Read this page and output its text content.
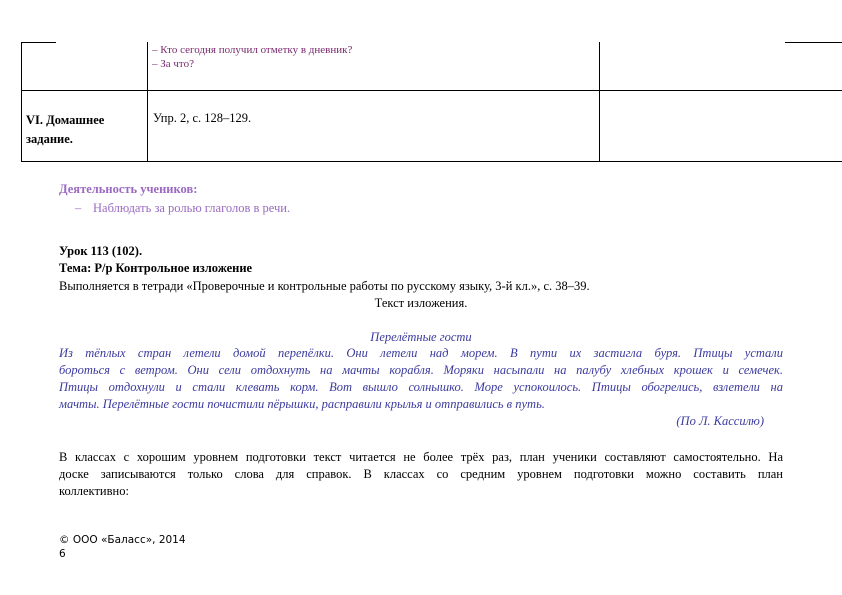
– Кто сегодня получил отметку в дневник?
– За что?
VI. Домашнее
задание.
Упр. 2, с. 128–129.
Деятельность учеников:
– Наблюдать за ролью глаголов в речи.
Урок 113 (102).
Тема: Р/р Контрольное изложение
Выполняется в тетради «Проверочные и контрольные работы по русскому языку, 3-й кл.», с. 38–39.
Текст изложения.
Перелётные гости
Из тёплых стран летели домой перепёлки. Они летели над морем. В пути их застигла буря. Птицы устали
бороться с ветром. Они сели отдохнуть на мачты корабля. Моряки насыпали на палубу хлебных крошек и семечек.
Птицы отдохнули и стали клевать корм. Вот вышло солнышко. Море успокоилось. Птицы обогрелись, взлетели на
мачты. Перелётные гости почистили пёрышки, расправили крылья и отправились в путь.
(По Л. Кассилю)
В классах с хорошим уровнем подготовки текст читается не более трёх раз, план ученики составляют самостоятельно. На
доске записываются только слова для справок. В классах со средним уровнем подготовки можно составить план
коллективно:
© ООО «Баласс», 2014
6
